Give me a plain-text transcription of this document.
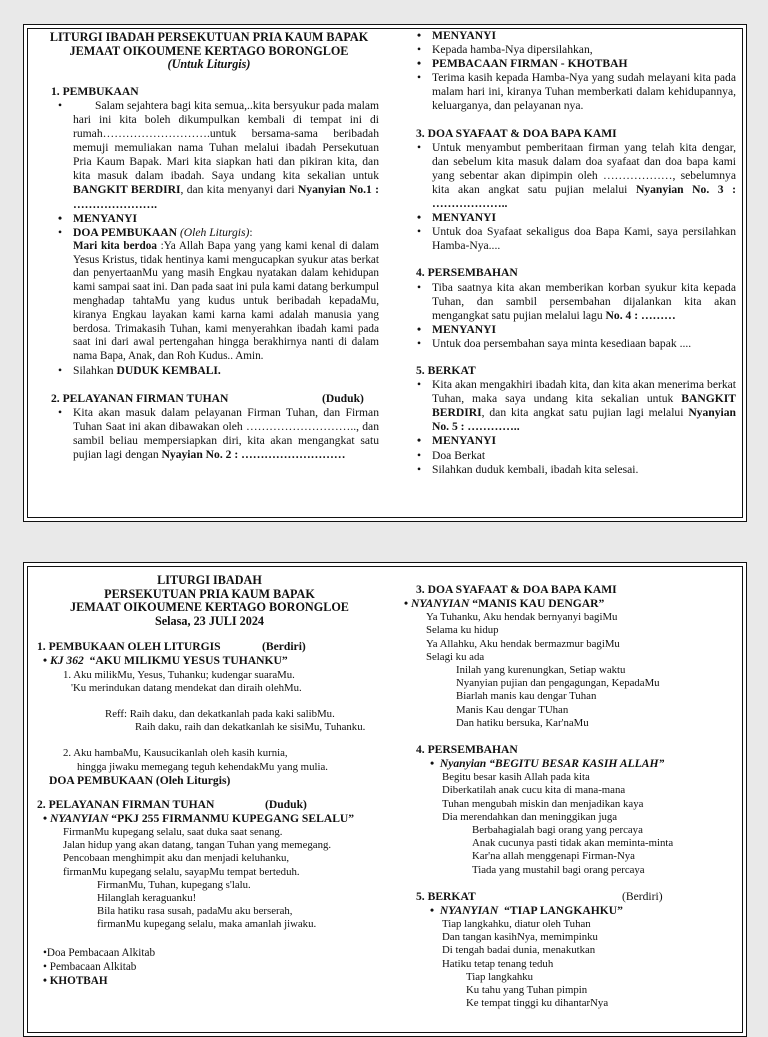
LITURGI IBADAH PERSEKUTUAN PRIA KAUM BAPAK
JEMAAT OIKOUMENE KERTAGO BORONGLOE
(Untuk Liturgis)
1. PEMBUKAAN
• Salam sejahtera bagi kita semua,..kita bersyukur pada malam hari ini kita boleh dikumpulkan kembali di tempat ini di rumah……………………….untuk bersama-sama beribadah memuji memuliakan nama Tuhan melalui ibadah Persekutuan Pria Kaum Bapak. Mari kita siapkan hati dan pikiran kita, dan kita masuk dalam ibadah. Saya undang kita sekalian untuk BANGKIT BERDIRI, dan kita menyanyi dari Nyanyian No.1 : ………………….
• MENYANYI
• DOA PEMBUKAAN (Oleh Liturgis):
Mari kita berdoa :Ya Allah Bapa yang yang kami kenal di dalam Yesus Kristus, tidak hentinya kami mengucapkan syukur atas berkat dan penyertaanMu yang masih Engkau nyatakan dalam kehidupan kami sampai saat ini. Dan pada saat ini pula kami datang berkumpul menghadap tahtaMu yang kudus untuk beribadah kepadaMu, kiranya Engkau layakan kami karna kami adalah manusia yang berdosa. Trimakasih Tuhan, kami menyerahkan ibadah kami pada saat ini dari awal pertengahan hingga berakhirnya nanti di dalam nama Bapa, Anak, dan Roh Kudus.. Amin.
• Silahkan DUDUK KEMBALI.
2. PELAYANAN FIRMAN TUHAN	(Duduk)
• Kita akan masuk dalam pelayanan Firman Tuhan, dan Firman Tuhan Saat ini akan dibawakan oleh ……………………….., dan sambil beliau mempersiapkan diri, kita akan mengangkat satu pujian lagi dengan Nyayian No. 2 : ………………………
• MENYANYI
• Kepada hamba-Nya dipersilahkan,
• PEMBACAAN FIRMAN - KHOTBAH
• Terima kasih kepada Hamba-Nya yang sudah melayani kita pada malam hari ini, kiranya Tuhan memberkati dalam kehidupannya, keluarganya, dan pelayanan nya.
3. DOA SYAFAAT & DOA BAPA KAMI
• Untuk menyambut pemberitaan firman yang telah kita dengar, dan sebelum kita masuk dalam doa syafaat dan doa bapa kami yang sebentar akan dipimpin oleh ………………, sebelumnya kita akan angkat satu pujian melalui Nyanyian No. 3 : ………………..
• MENYANYI
• Untuk doa Syafaat sekaligus doa Bapa Kami, saya persilahkan Hamba-Nya....
4. PERSEMBAHAN
• Tiba saatnya kita akan memberikan korban syukur kita kepada Tuhan, dan sambil persembahan dijalankan kita akan mengangkat satu pujian melalui lagu No. 4 : ………
• MENYANYI
• Untuk doa persembahan saya minta kesediaan bapak ....
5. BERKAT
• Kita akan mengakhiri ibadah kita, dan kita akan menerima berkat Tuhan, maka saya undang kita sekalian untuk BANGKIT BERDIRI, dan kita angkat satu pujian lagi melalui Nyanyian No. 5 : …………..
• MENYANYI
• Doa Berkat
• Silahkan duduk kembali, ibadah kita selesai.
LITURGI IBADAH
PERSEKUTUAN PRIA KAUM BAPAK
JEMAAT OIKOUMENE KERTAGO BORONGLOE
Selasa, 23 JULI 2024
1. PEMBUKAAN OLEH LITURGIS	(Berdiri)
• KJ 362 “AKU MILIKMU YESUS TUHANKU”
1. Aku milikMu, Yesus, Tuhanku; kudengar suaraMu.
'Ku merindukan datang mendekat dan diraih olehMu.
Reff: Raih daku, dan dekatkanlah pada kaki salibMu.
Raih daku, raih dan dekatkanlah ke sisiMu, Tuhanku.
2. Aku hambaMu, Kausucikanlah oleh kasih kurnia,
hingga jiwaku memegang teguh kehendakMu yang mulia.
DOA PEMBUKAAN (Oleh Liturgis)
2. PELAYANAN FIRMAN TUHAN	(Duduk)
• NYANYIAN “PKJ 255 FIRMANMU KUPEGANG SELALU”
FirmanMu kupegang selalu, saat duka saat senang.
Jalan hidup yang akan datang, tangan Tuhan yang memegang.
Pencobaan menghimpit aku dan menjadi keluhanku,
firmanMu kupegang selalu, sayapMu tempat berteduh.
FirmanMu, Tuhan, kupegang s'lalu.
Hilanglah keraguanku!
Bila hatiku rasa susah, padaMu aku berserah,
firmanMu kupegang selalu, maka amanlah jiwaku.
•Doa Pembacaan Alkitab
• Pembacaan Alkitab
• KHOTBAH
3. DOA SYAFAAT & DOA BAPA KAMI
• NYANYIAN “MANIS KAU DENGAR”
Ya Tuhanku, Aku hendak bernyanyi bagiMu
Selama ku hidup
Ya Allahku, Aku hendak bermazmur bagiMu
Selagi ku ada
Inilah yang kurenungkan, Setiap waktu
Nyanyian pujian dan pengagungan, KepadaMu
Biarlah manis kau dengar Tuhan
Manis Kau dengar TUhan
Dan hatiku bersuka, Kar'naMu
4. PERSEMBAHAN
• Nyanyian “BEGITU BESAR KASIH ALLAH”
Begitu besar kasih Allah pada kita
Diberkatilah anak cucu kita di mana-mana
Tuhan mengubah miskin dan menjadikan kaya
Dia merendahkan dan meninggikan juga
Berbahagialah bagi orang yang percaya
Anak cucunya pasti tidak akan meminta-minta
Kar'na allah menggenapi Firman-Nya
Tiada yang mustahil bagi orang percaya
5. BERKAT	(Berdiri)
• NYANYIAN “TIAP LANGKAHKU”
Tiap langkahku, diatur oleh Tuhan
Dan tangan kasihNya, memimpinku
Di tengah badai dunia, menakutkan
Hatiku tetap tenang teduh
Tiap langkahku
Ku tahu yang Tuhan pimpin
Ke tempat tinggi ku dihantarNya
